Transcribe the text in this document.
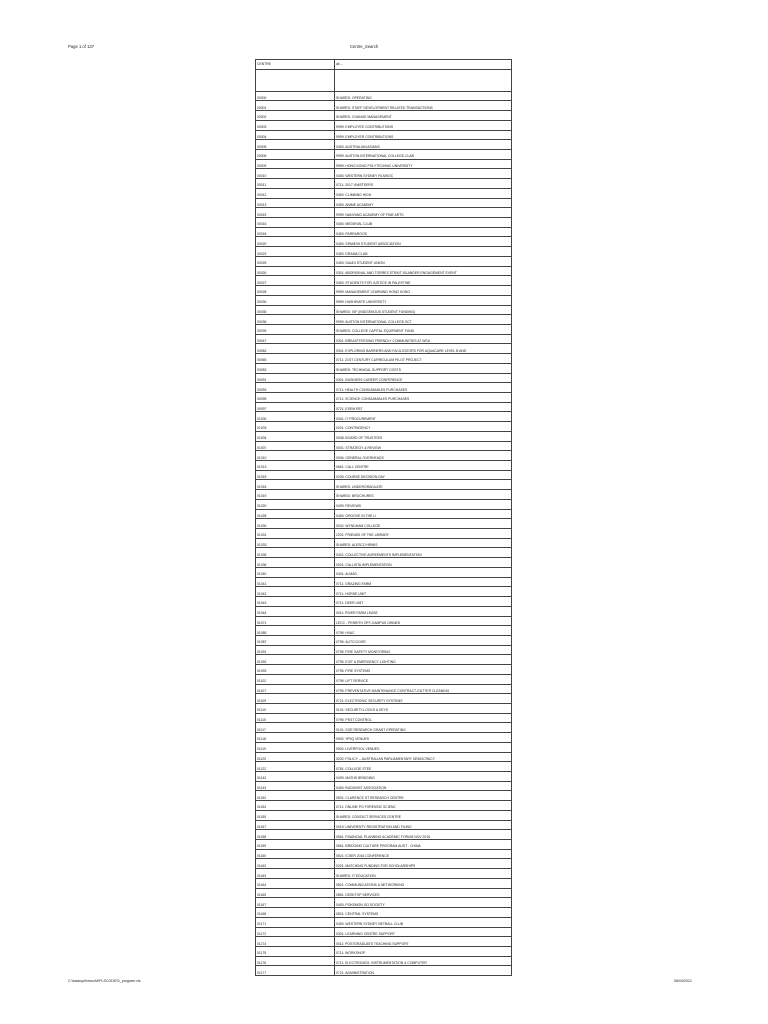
Page 1 of 137	Centre_Search
CENTRE	all --

00000	SHARED: OPERATING
00001	SHARED: STAFF DEVELOPMENT RELATED TRANSACTIONS
00002	SHARED: CHANGE MANAGEMENT
00003	9999: EMPLOYEE CONTRIBUTIONS
00004	9999: EMPLOYER CONTRIBUTIONS
00005	0453: AUSTRALIAN ASIANS
00006	9999: AUSTON INTERNATIONAL COLLEGE-CLAB
00009	9999: HONG KONG POLYTECHNIC UNIVERSITY
00010	0453: WESTERN SYDNEY FILMSOC
00011	0711: 2017 UNISTEERS
00012	0453: CLIMBING HIGH
00013	0453: ANIME ACADEMY
00015	9999: NANYANG ACADEMY OF FINE ARTS
00016	0453: MEDIEVAL CLUB
00018	0453: PARRAROOS
00020	0453: SPANISH STUDENT ASSOCIATION
00023	0453: DRAMA CLUB
00025	0453: SAUDI STUDENT UNION
00026	0301: ABORIGINAL AND TORRES STRAIT ISLANDER ENGAGEMENT EVENT
00027	0453: STUDENTS FOR JUSTICE IN PALESTINE
00028	9999: MANAGEMENT LEARNING HONG KONG
00030	9999: HASHEMITE UNIVERSITY
00035	SHARED: ISF (INDIGENOUS STUDENT FUNDING)
00036	9999: AUSTON INTERNATIONAL COLLEGE-SCT
00039	SHARED: COLLEGE CAPITAL EQUIPMENT FUND
00047	0301: BREASTFEEDING FRIENDLY COMMUNITIES AT WSU
00062	0301: EXPLORING BARRIERS AND FACILITATORS FOR AQUACARE LEVEL B AND
00065	0711: 21ST CENTURY CURRICULUM PILOT PROJECT
00083	SHARED: TECHNICAL SUPPORT COSTS
00091	0301: BUSINESS CAREER CONFERENCE
00093	0711: HEALTH CONSUMABLES PURCHASES
00095	0711: SCIENCE CONSUMABLES PURCHASES
00097	0721: ESEM EBT
01000	0301: IT PROCUREMENT
01003	0201: CONTINGENCY
01004	0008: BOARD OF TRUSTEES
01007	0001: STRATEGY & REVIEW
01010	0006: GENERAL OVERHEADS
01013	0661: CALL CENTRE
01015	0205: COURSE DECISION DAY
01018	SHARED: UNDERGRADUATE
01019	SHARED: BROCHURES
01020	0409: REVIEWS
01028	0453: GROOVE IN THE U
01030	0042: WYNDHAM COLLEGE
01031	2201: FRIENDS OF THE LIBRARY
01033	SHARED: ALESCO HRMIS
01035	0421: COLLECTIVE AGREEMENTS IMPLEMENTATION
01036	0001: CALLISTA IMPLEMENTATION
01040	0401: ALMAD
01041	0711: GRAZING FARM
01042	0711: HORSE UNIT
01043	0711: DEER UNIT
01044	0011: RIVER FARM LEASE
01071	LECC - PENRITH OFF-CAMPUS OWNED
01085	0795: HVAC
01087	0795: AUTO DOOR
01091	0795: FIRE SAFETY MONITORING
01092	0795: EXIT & EMERGENCY LIGHTING
01093	0795: FIRE SYSTEMS
01102	0795: LIFT SERVICE
01107	0795: PREVENTATIVE MAINTENANCE CONTRACT-GUTTER CLEANING
01109	0721: ELECTRONIC SECURITY SYSTEMS
01110	0101: SECURITY-LOCKS & KEYS
01115	0795: PEST CONTROL
01117	0101: SOE RESEARCH GRANT OPERATING
01118	0902: 'IPSQ VENUES
01119	0902: LIVERPOOL VENUES
01120	0202: POLICY -- AUSTRALIAN PARLIAMENTARY DEMOCRACY
01122	0781: COLLEGE STEE
01142	0409: MATHS BRIDGING
01143	0453: BUDDHIST ASSOCIATION
01152	0501: CLARENCE ST RESEARCH CENTRE
01154	0711: ONLINE PG FORENSIC SCIENC
01155	SHARED: CONTACT SERVICES CENTRE
01157	0019: UNIVERSITY REGISTRATION AND FILING
01158	0561: FINANCIAL PLANNING ACADEMIC FORUM NOV 2016
01159	0561: BRIDGING CULTURE PROGRAM AUST - CHINA
01160	0521: ICSER 2016 CONFERENCE
01162	0201: MATCHING FUNDING FOR SCHOLARSHIPS
01163	SHARED: IT EDUCATION
01164	0821: COMMUNICATIONS & NETWORKING
01165	0851: DESKTOP SERVICES
01167	0453: POKEMON GO SOCIETY
01168	0821: CENTRAL SYSTEMS
01171	0453: WESTERN SYDNEY NETBALL CLUB
01172	0301: LEARNING CENTRE SUPPORT
01174	0011: POSTGRADUATE TEACHING SUPPORT
01175	0711: WORKSHOP
01176	0711: ELECTRONICS: INSTRUMENTATION & COMPUTER
01177	0721: ADMINISTRATION
C:\backup\fresnoM\PLSCODES\_program.xls	06/04/2021
